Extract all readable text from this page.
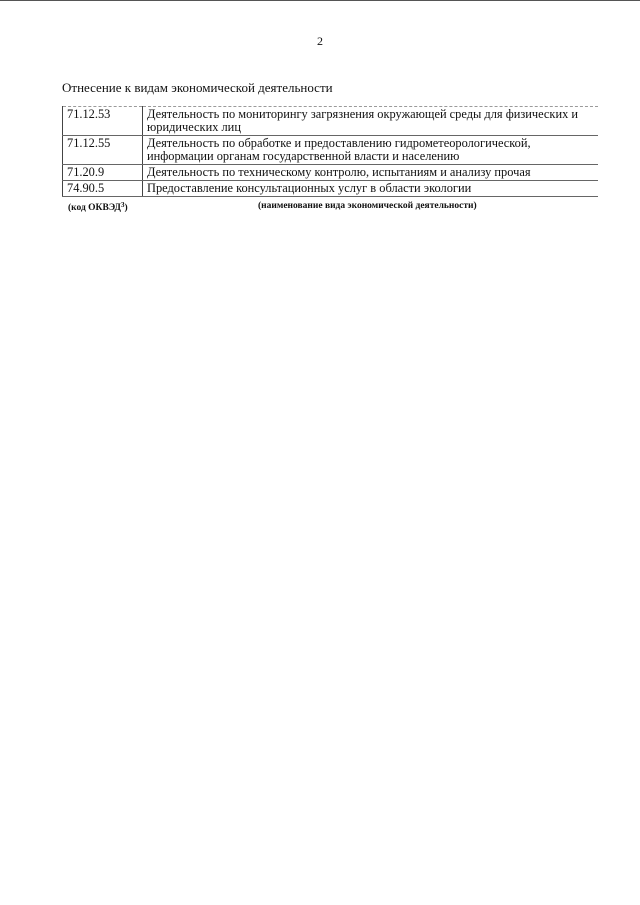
2
Отнесение к видам экономической деятельности
71.12.53	Деятельность по мониторингу загрязнения окружающей среды для физических и
юридических лиц
71.12.55	Деятельность по обработке и предоставлению гидрометеорологической,
информации органам государственной власти и населению
71.20.9	Деятельность по техническому контролю, испытаниям и анализу прочая
74.90.5	Предоставление консультационных услуг в области экологии
(код ОКВЭД$^3$)	(наименование вида экономической деятельности)
